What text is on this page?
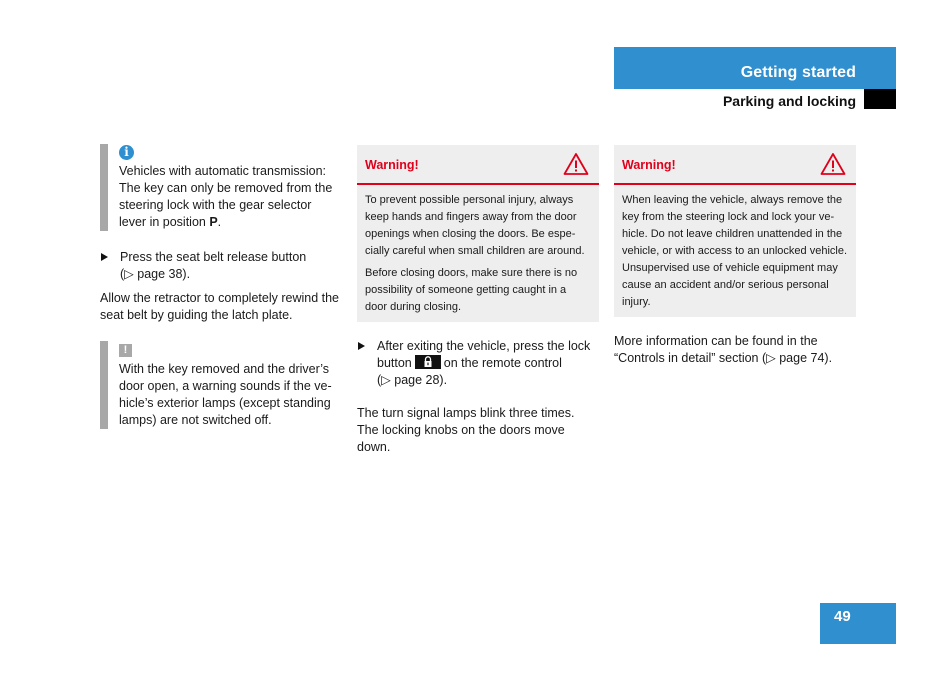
Getting started
Parking and locking
i
Vehicles with automatic transmission: The key can only be removed from the steering lock with the gear selector lever in position P.
Press the seat belt release button
(▷ page 38).

Allow the retractor to completely rewind the seat belt by guiding the latch plate.

!
With the key removed and the driver’s door open, a warning sounds if the vehicle’s exterior lamps (except standing lamps) are not switched off.
Warning!

To prevent possible personal injury, always keep hands and fingers away from the door openings when closing the doors. Be especially careful when small children are around.

Before closing doors, make sure there is no possibility of someone getting caught in a door during closing.

After exiting the vehicle, press the lock button	on the remote control
(▷ page 28).

The turn signal lamps blink three times. The locking knobs on the doors move down.

Warning!

When leaving the vehicle, always remove the key from the steering lock and lock your vehicle. Do not leave children unattended in the vehicle, or with access to an unlocked vehicle. Unsupervised use of vehicle equipment may cause an accident and/or serious personal injury.

More information can be found in the “Controls in detail” section (▷ page 74).

49
